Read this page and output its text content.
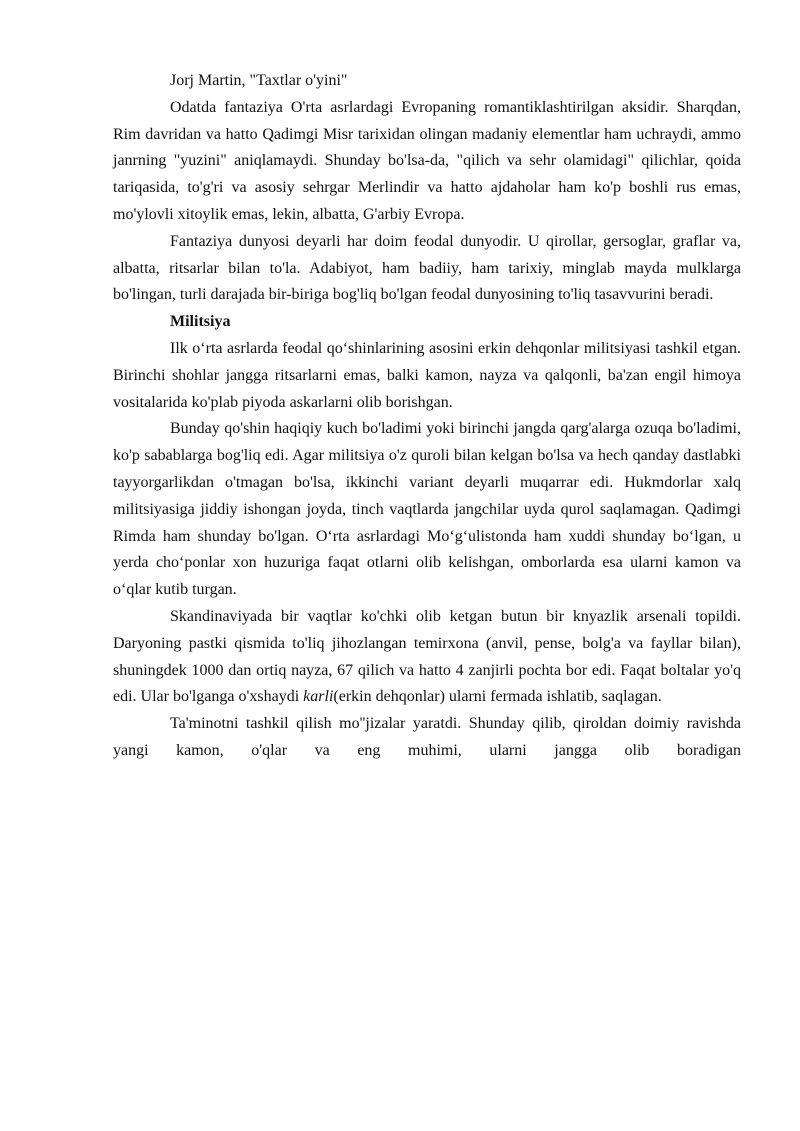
Jorj Martin, "Taxtlar o'yini"

Odatda fantaziya O'rta asrlardagi Evropaning romantiklashtirilgan aksidir. Sharqdan, Rim davridan va hatto Qadimgi Misr tarixidan olingan madaniy elementlar ham uchraydi, ammo janrning "yuzini" aniqlamaydi. Shunday bo'lsa-da, "qilich va sehr olamidagi" qilichlar, qoida tariqasida, to'g'ri va asosiy sehrgar Merlindir va hatto ajdaholar ham ko'p boshli rus emas, mo'ylovli xitoylik emas, lekin, albatta, G'arbiy Evropa.

Fantaziya dunyosi deyarli har doim feodal dunyodir. U qirollar, gersoglar, graflar va, albatta, ritsarlar bilan to'la. Adabiyot, ham badiiy, ham tarixiy, minglab mayda mulklarga bo'lingan, turli darajada bir-biriga bog'liq bo'lgan feodal dunyosining to'liq tasavvurini beradi.

Militsiya

Ilk o‘rta asrlarda feodal qo‘shinlarining asosini erkin dehqonlar militsiyasi tashkil etgan. Birinchi shohlar jangga ritsarlarni emas, balki kamon, nayza va qalqonli, ba'zan engil himoya vositalarida ko'plab piyoda askarlarni olib borishgan.

Bunday qo'shin haqiqiy kuch bo'ladimi yoki birinchi jangda qarg'alarga ozuqa bo'ladimi, ko'p sabablarga bog'liq edi. Agar militsiya o'z quroli bilan kelgan bo'lsa va hech qanday dastlabki tayyorgarlikdan o'tmagan bo'lsa, ikkinchi variant deyarli muqarrar edi. Hukmdorlar xalq militsiyasiga jiddiy ishongan joyda, tinch vaqtlarda jangchilar uyda qurol saqlamagan. Qadimgi Rimda ham shunday bo'lgan. O‘rta asrlardagi Mo‘g‘ulistonda ham xuddi shunday bo‘lgan, u yerda cho‘ponlar xon huzuriga faqat otlarni olib kelishgan, omborlarda esa ularni kamon va o‘qlar kutib turgan.

Skandinaviyada bir vaqtlar ko'chki olib ketgan butun bir knyazlik arsenali topildi. Daryoning pastki qismida to'liq jihozlangan temirxona (anvil, pense, bolg'a va fayllar bilan), shuningdek 1000 dan ortiq nayza, 67 qilich va hatto 4 zanjirli pochta bor edi. Faqat boltalar yo'q edi. Ular bo'lganga o'xshaydi karli(erkin dehqonlar) ularni fermada ishlatib, saqlagan.

Ta'minotni tashkil qilish mo''jizalar yaratdi. Shunday qilib, qiroldan doimiy ravishda yangi kamon, o'qlar va eng muhimi, ularni jangga olib boradigan
